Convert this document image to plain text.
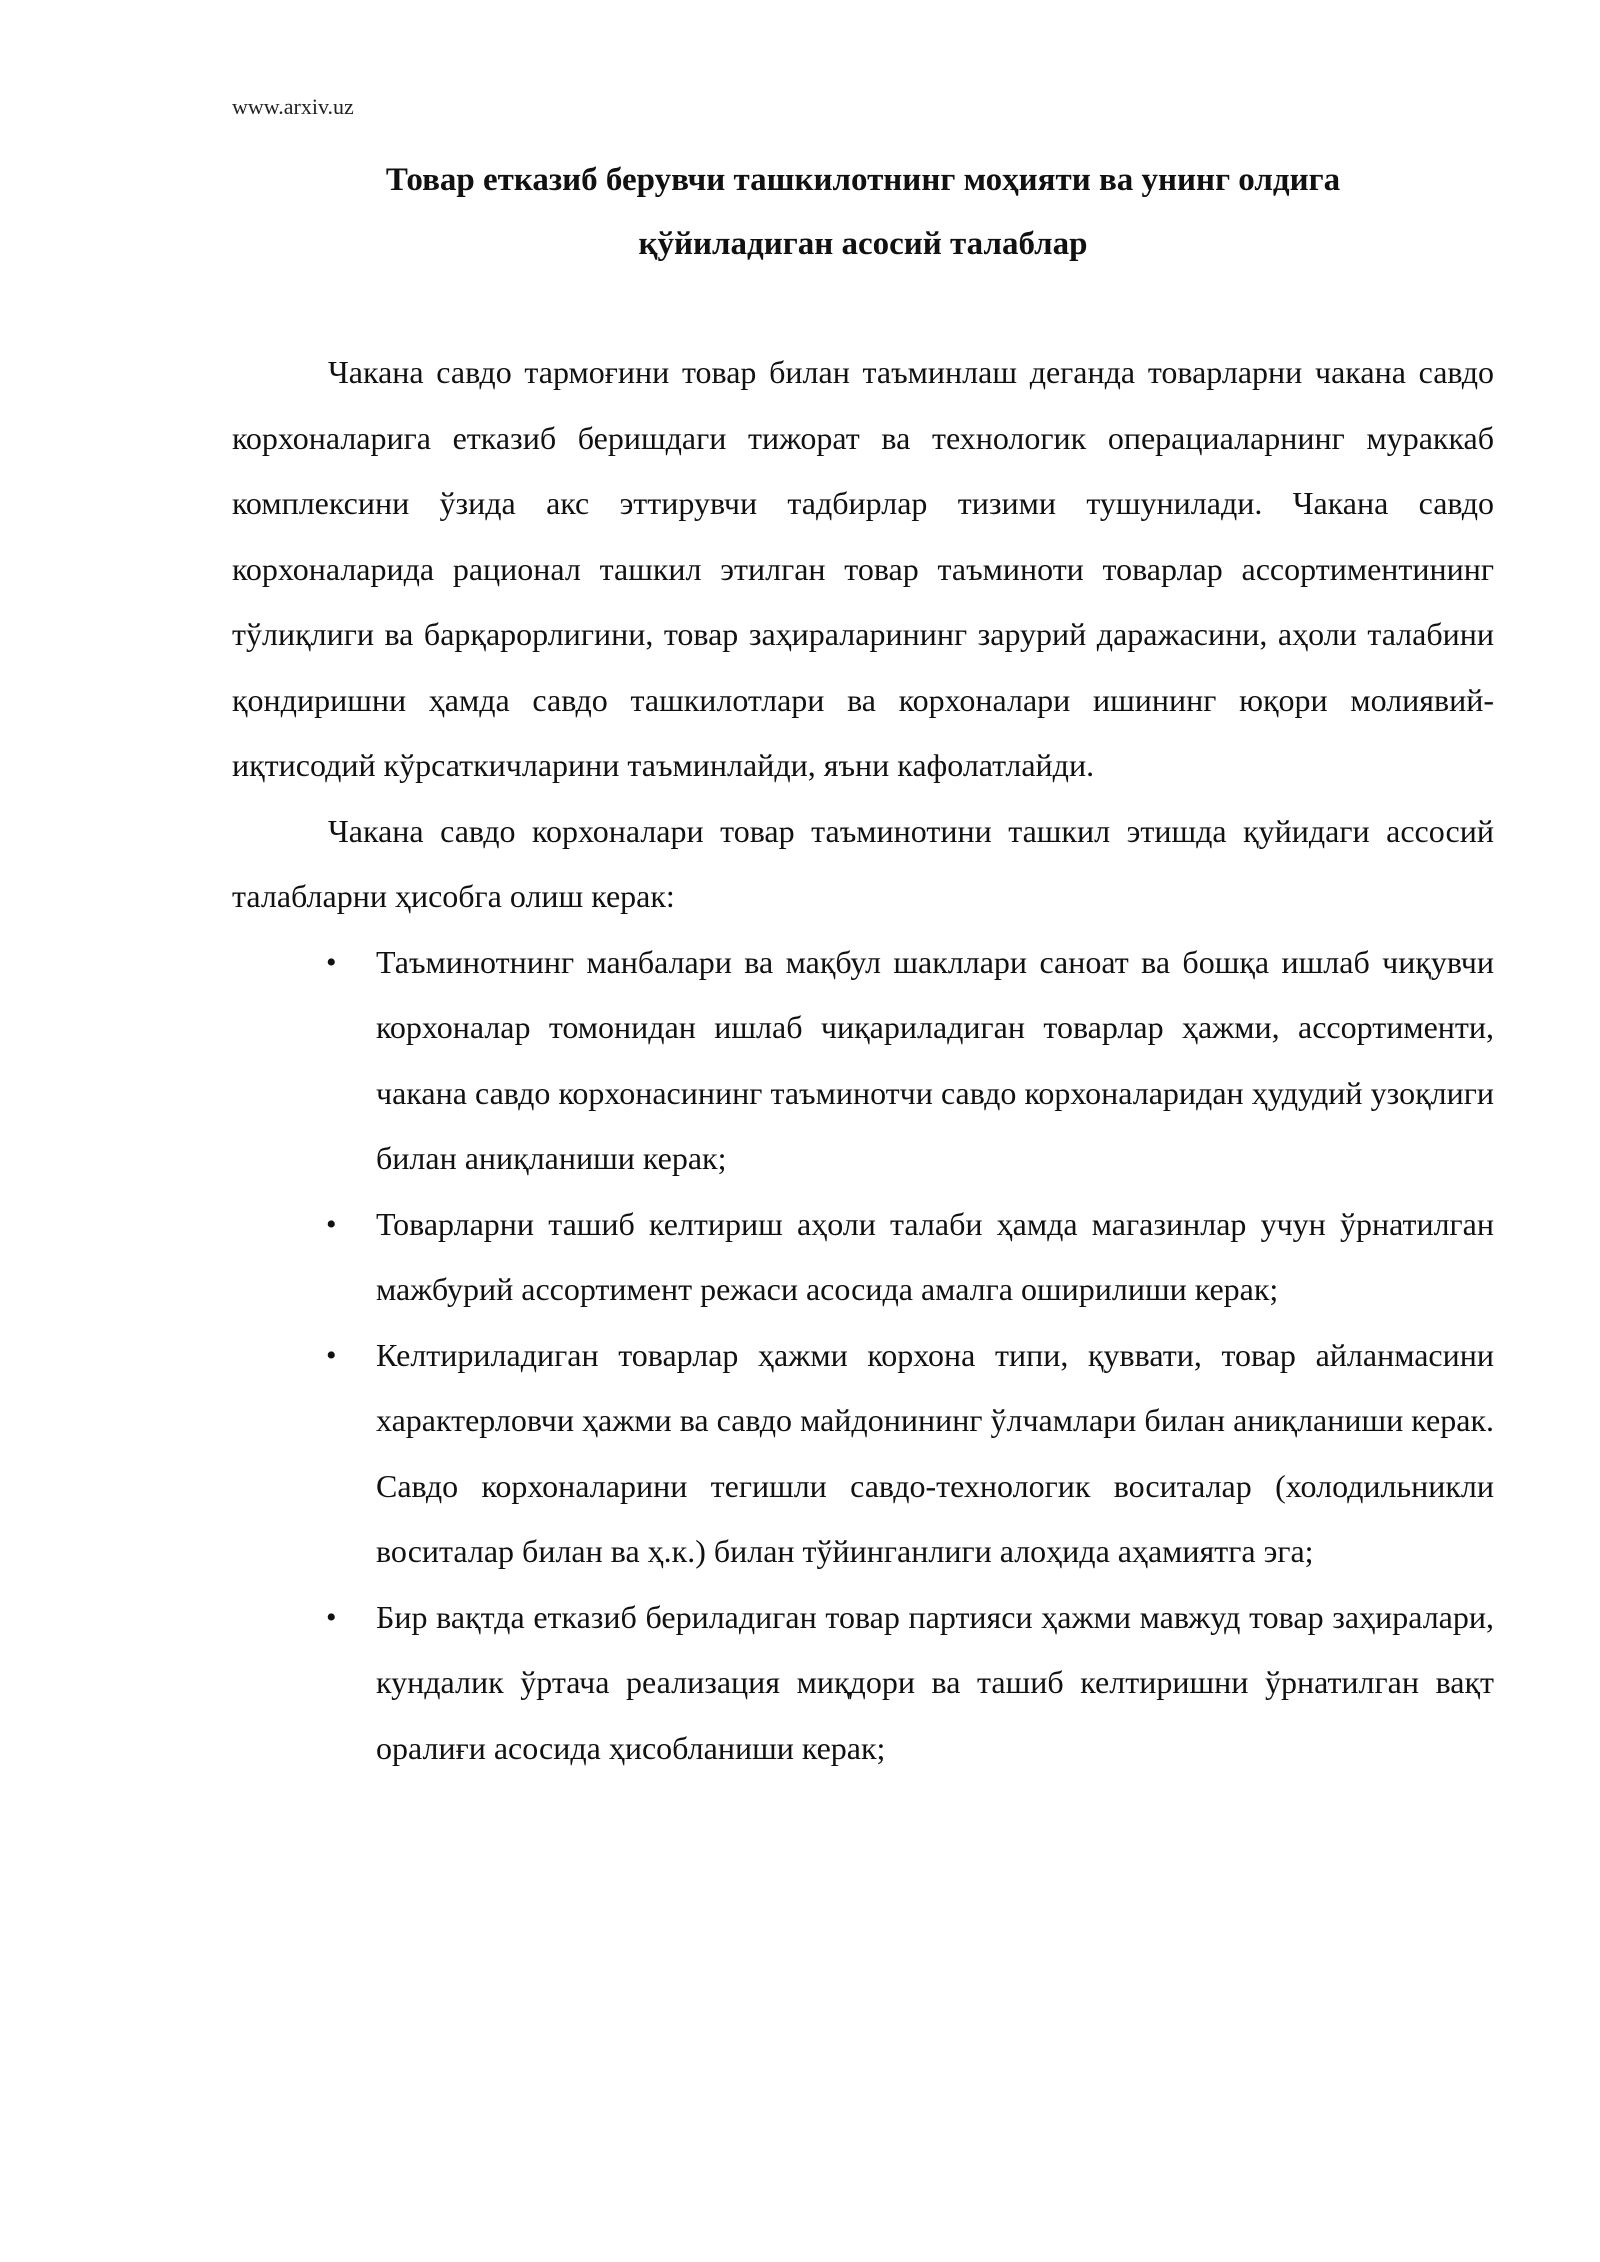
www.arxiv.uz
Товар етказиб берувчи ташкилотнинг моҳияти ва унинг олдига
қўйиладиган асосий талаблар

Чакана савдо тармоғини товар билан таъминлаш деганда товарларни чакана савдо корхоналарига етказиб беришдаги тижорат ва технологик операциаларнинг мураккаб комплексини ўзида акс эттирувчи тадбирлар тизими тушунилади. Чакана савдо корхоналарида рационал ташкил этилган товар таъминоти товарлар ассортиментининг тўлиқлиги ва барқарорлигини, товар заҳираларининг зарурий даражасини, аҳоли талабини қондиришни ҳамда савдо ташкилотлари ва корхоналари ишининг юқори молиявий-иқтисодий кўрсаткичларини таъминлайди, яъни кафолатлайди.

Чакана савдо корхоналари товар таъминотини ташкил этишда қуйидаги ассосий талабларни ҳисобга олиш керак:

• Таъминотнинг манбалари ва мақбул шакллари саноат ва бошқа ишлаб чиқувчи корхоналар томонидан ишлаб чиқариладиган товарлар ҳажми, ассортименти, чакана савдо корхонасининг таъминотчи савдо корхоналаридан ҳудудий узоқлиги билан аниқланиши керак;
• Товарларни ташиб келтириш аҳоли талаби ҳамда магазинлар учун ўрнатилган мажбурий ассортимент режаси асосида амалга оширилиши керак;
• Келтириладиган товарлар ҳажми корхона типи, қуввати, товар айланмасини характерловчи ҳажми ва савдо майдонининг ўлчамлари билан аниқланиши керак. Савдо корхоналарини тегишли савдо-технологик воситалар (холодильникли воситалар билан ва ҳ.к.) билан тўйинганлиги алоҳида аҳамиятга эга;
• Бир вақтда етказиб бериладиган товар партияси ҳажми мавжуд товар заҳиралари, кундалик ўртача реализация миқдори ва ташиб келтиришни ўрнатилган вақт оралиғи асосида ҳисобланиши керак;
